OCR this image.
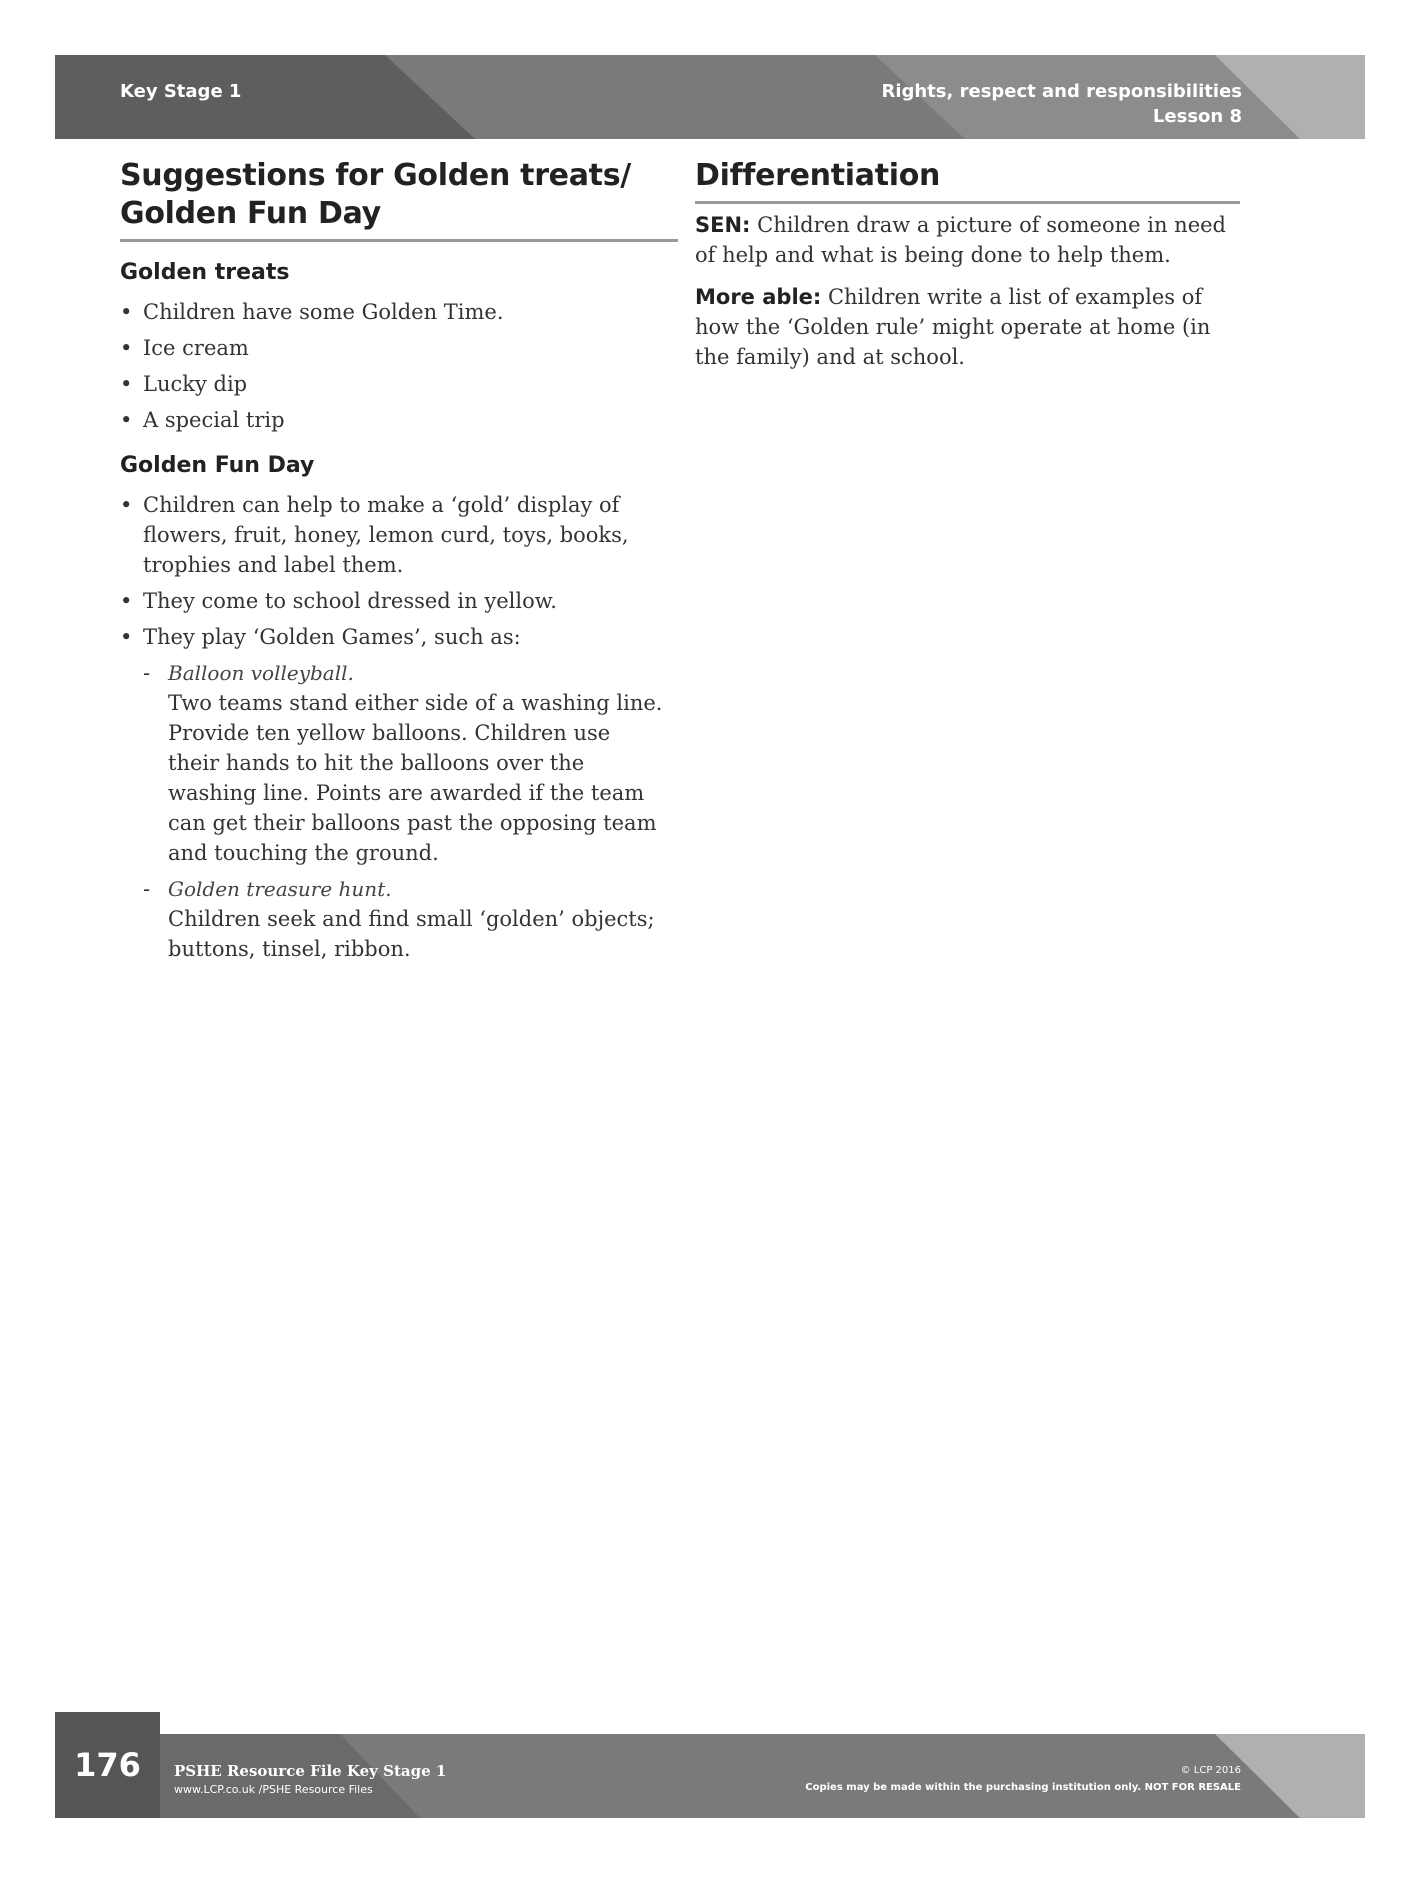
Key Stage 1	Rights, respect and responsibilities
Lesson 8
Suggestions for Golden treats/
Golden Fun Day
Golden treats
• Children have some Golden Time.
• Ice cream
• Lucky dip
• A special trip
Golden Fun Day
• Children can help to make a ‘gold’ display of flowers, fruit, honey, lemon curd, toys, books, trophies and label them.
• They come to school dressed in yellow.
• They play ‘Golden Games’, such as:
- Balloon volleyball.
Two teams stand either side of a washing line. Provide ten yellow balloons. Children use their hands to hit the balloons over the washing line. Points are awarded if the team can get their balloons past the opposing team and touching the ground.
- Golden treasure hunt.
Children seek and find small ‘golden’ objects; buttons, tinsel, ribbon.
Differentiation

SEN: Children draw a picture of someone in need of help and what is being done to help them.

More able: Children write a list of examples of how the ‘Golden rule’ might operate at home (in the family) and at school.

176	PSHE Resource File Key Stage 1
www.LCP.co.uk /PSHE Resource Files
© LCP 2016
Copies may be made within the purchasing institution only. NOT FOR RESALE
